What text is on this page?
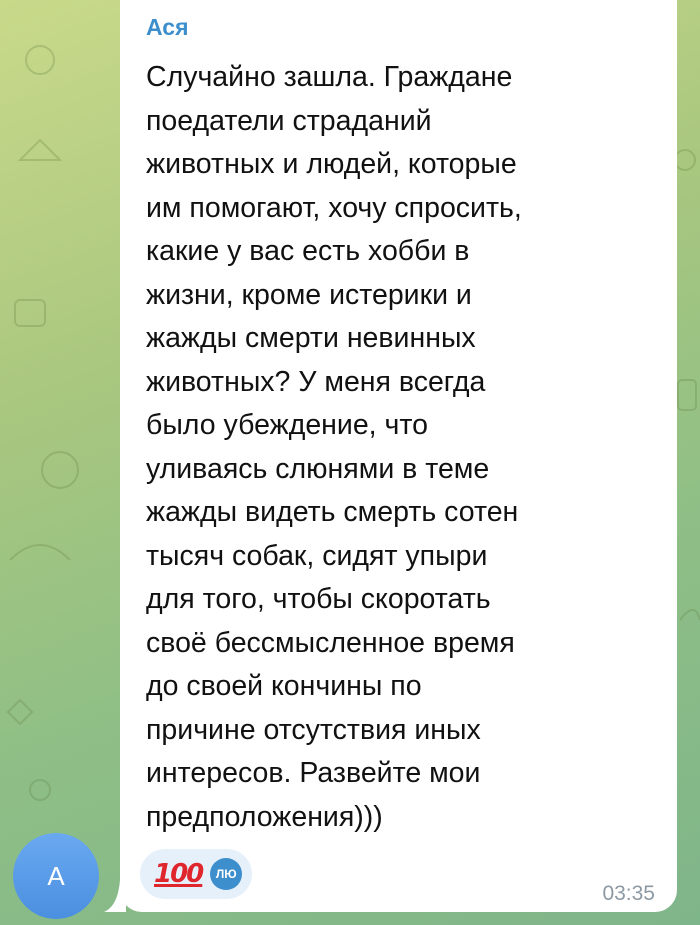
Ася
Случайно зашла. Граждане
поедатели страданий
животных и людей, которые
им помогают, хочу спросить,
какие у вас есть хобби в
жизни, кроме истерики и
жажды смерти невинных
животных? У меня всегда
было убеждение, что
уливаясь слюнями в теме
жажды видеть смерть сотен
тысяч собак, сидят упыри
для того, чтобы скоротать
своё бессмысленное время
до своей кончины по
причине отсутствия иных
интересов. Развейте мои
предположения)))
100	ЛЮ
03:35
A
